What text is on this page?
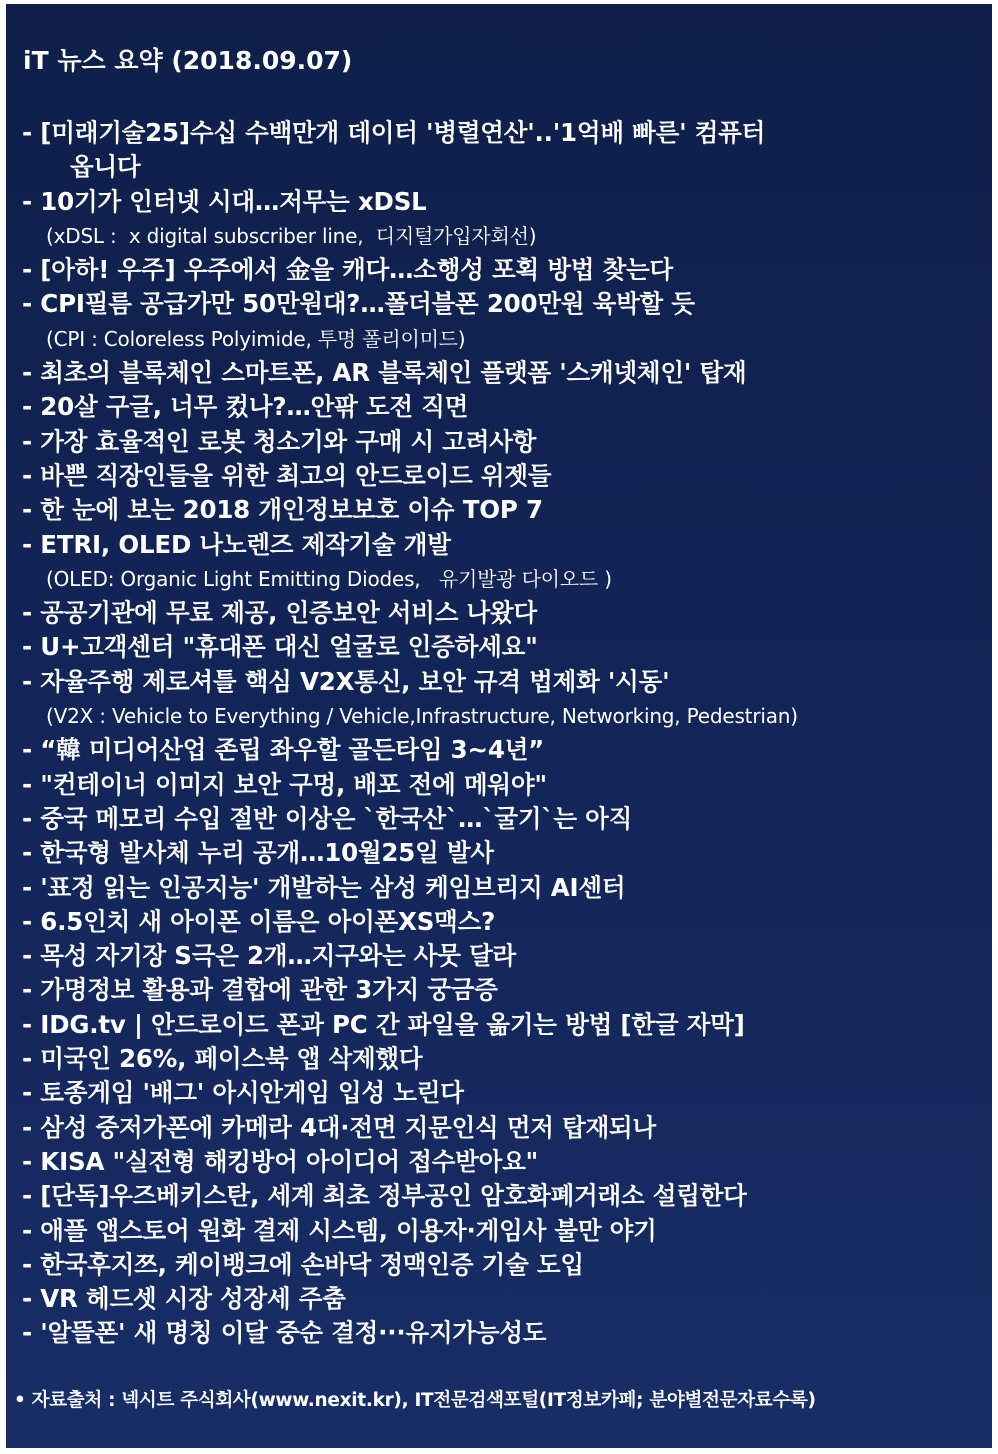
iT 뉴스 요약 (2018.09.07)
- [미래기술25]수십 수백만개 데이터 '병렬연산'..'1억배 빠른' 컴퓨터
옵니다
- 10기가 인터넷 시대…저무는 xDSL
(xDSL :  x digital subscriber line,  디지털가입자회선)
- [아하! 우주] 우주에서 金을 캐다…소행성 포획 방법 찾는다
- CPI필름 공급가만 50만원대?…폴더블폰 200만원 육박할 듯
(CPI : Coloreless Polyimide, 투명 폴리이미드)
- 최초의 블록체인 스마트폰, AR 블록체인 플랫폼 '스캐넷체인' 탑재
- 20살 구글, 너무 컸나?…안팎 도전 직면
- 가장 효율적인 로봇 청소기와 구매 시 고려사항
- 바쁜 직장인들을 위한 최고의 안드로이드 위젯들
- 한 눈에 보는 2018 개인정보보호 이슈 TOP 7
- ETRI, OLED 나노렌즈 제작기술 개발
(OLED: Organic Light Emitting Diodes,   유기발광 다이오드 )
- 공공기관에 무료 제공, 인증보안 서비스 나왔다
- U+고객센터 "휴대폰 대신 얼굴로 인증하세요"
- 자율주행 제로셔틀 핵심 V2X통신, 보안 규격 법제화 '시동'
(V2X : Vehicle to Everything / Vehicle,Infrastructure, Networking, Pedestrian)
- “韓 미디어산업 존립 좌우할 골든타임 3~4년”
- "컨테이너 이미지 보안 구멍, 배포 전에 메워야"
- 중국 메모리 수입 절반 이상은 `한국산`…`굴기`는 아직
- 한국형 발사체 누리 공개…10월25일 발사
- '표정 읽는 인공지능' 개발하는 삼성 케임브리지 AI센터
- 6.5인치 새 아이폰 이름은 아이폰XS맥스?
- 목성 자기장 S극은 2개…지구와는 사뭇 달라
- 가명정보 활용과 결합에 관한 3가지 궁금증
- IDG.tv | 안드로이드 폰과 PC 간 파일을 옮기는 방법 [한글 자막]
- 미국인 26%, 페이스북 앱 삭제했다
- 토종게임 '배그' 아시안게임 입성 노린다
- 삼성 중저가폰에 카메라 4대·전면 지문인식 먼저 탑재되나
- KISA "실전형 해킹방어 아이디어 접수받아요"
- [단독]우즈베키스탄, 세계 최초 정부공인 암호화폐거래소 설립한다
- 애플 앱스토어 원화 결제 시스템, 이용자·게임사 불만 야기
- 한국후지쯔, 케이뱅크에 손바닥 정맥인증 기술 도입
- VR 헤드셋 시장 성장세 주춤
- '알뜰폰' 새 명칭 이달 중순 결정···유지가능성도
• 자료출처 : 넥시트 주식회사(www.nexit.kr), IT전문검색포털(IT정보카페; 분야별전문자료수록)
